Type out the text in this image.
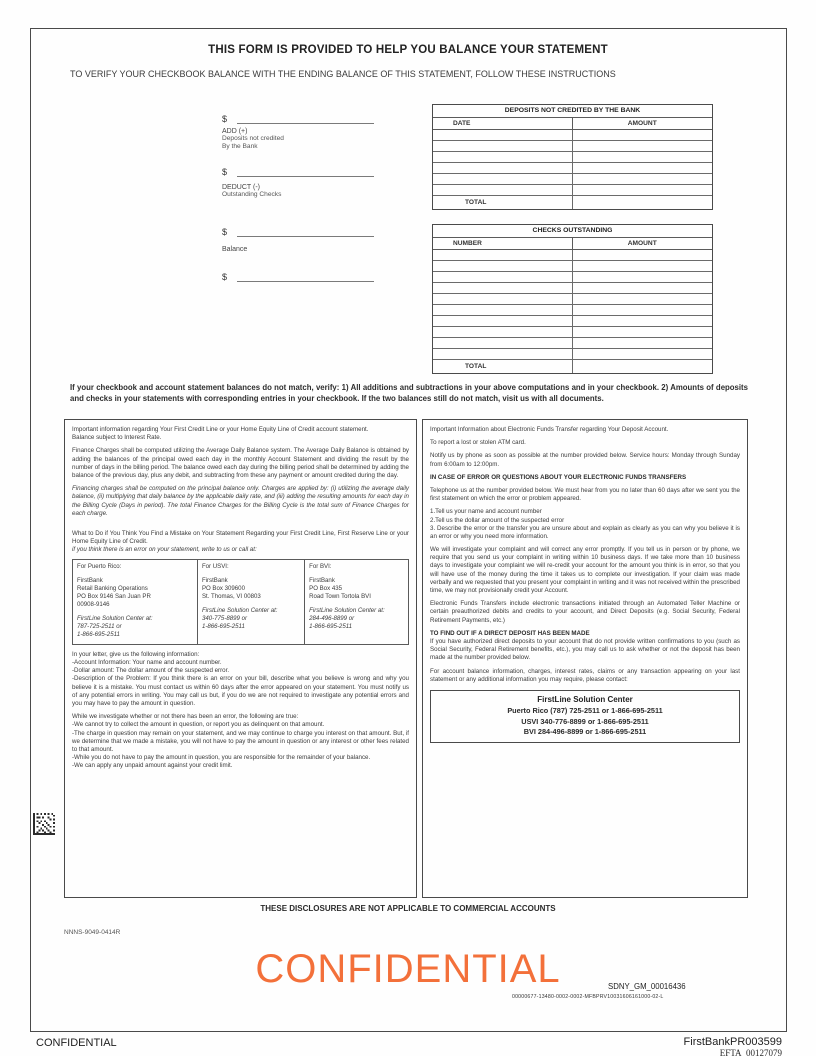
THIS FORM IS PROVIDED TO HELP YOU BALANCE YOUR STATEMENT
TO VERIFY YOUR CHECKBOOK BALANCE WITH THE ENDING BALANCE OF THIS STATEMENT, FOLLOW THESE INSTRUCTIONS
$
ADD (+)
Deposits not credited
By the Bank
$
DEDUCT (-)
Outstanding Checks
$
Balance
$
DEPOSITS NOT CREDITED BY THE BANK
DATE	AMOUNT
TOTAL
CHECKS OUTSTANDING
NUMBER	AMOUNT
TOTAL

If your checkbook and account statement balances do not match, verify: 1) All additions and subtractions in your above computations and in your checkbook. 2) Amounts of deposits and checks in your statements with corresponding entries in your checkbook. If the two balances still do not match, visit us with all documents.

Important information regarding Your First Credit Line or your Home Equity Line of Credit account statement.

Balance subject to Interest Rate.

Finance Charges shall be computed utilizing the Average Daily Balance system. The Average Daily Balance is obtained by adding the balances of the principal owed each day in the monthly Account Statement and dividing the result by the number of days in the billing period. The balance owed each day during the billing period shall be determined by adding the balance of the previous day, plus any debit, and subtracting from these any payment or amount credited during the day.

Financing charges shall be computed on the principal balance only. Charges are applied by: (i) utilizing the average daily balance, (ii) multiplying that daily balance by the applicable daily rate, and (iii) adding the resulting amounts for each day in the Billing Cycle (Days in period). The total Finance Charges for the Billing Cycle is the total sum of Finance Charges for each charge.

What to Do if You Think You Find a Mistake on Your Statement Regarding your First Credit Line, First Reserve Line or your Home Equity Line of Credit.

if you think there is an error on your statement, write to us or call at:

For Puerto Rico:
FirstBank
Retail Banking Operations
PO Box 9146 San Juan PR
00908-9146
FirstLine Solution Center at:
787-725-2511 or
1-866-695-2511
For USVI:
FirstBank
PO Box 309600
St. Thomas, VI 00803
FirstLine Solution Center at:
340-775-8899 or
1-866-695-2511
For BVI:
FirstBank
PO Box 435
Road Town Tortola BVI
FirstLine Solution Center at:
284-496-8899 or
1-866-695-2511

In your letter, give us the following information:

-Account Information: Your name and account number.

-Dollar amount: The dollar amount of the suspected error.

-Description of the Problem: If you think there is an error on your bill, describe what you believe is wrong and why you believe it is a mistake. You must contact us within 60 days after the error appeared on your statement. You must notify us of any potential errors in writing. You may call us but, if you do we are not required to investigate any potential errors and you may have to pay the amount in question.

While we investigate whether or not there has been an error, the following are true:

-We cannot try to collect the amount in question, or report you as delinquent on that amount.

-The charge in question may remain on your statement, and we may continue to charge you interest on that amount. But, if we determine that we made a mistake, you will not have to pay the amount in question or any interest or other fees related to that amount.

-While you do not have to pay the amount in question, you are responsible for the remainder of your balance.

-We can apply any unpaid amount against your credit limit.

Important Information about Electronic Funds Transfer regarding Your Deposit Account.

To report a lost or stolen ATM card.

Notify us by phone as soon as possible at the number provided below. Service hours: Monday through Sunday from 6:00am to 12:00pm.

IN CASE OF ERROR OR QUESTIONS ABOUT YOUR ELECTRONIC FUNDS TRANSFERS

Telephone us at the number provided below. We must hear from you no later than 60 days after we sent you the first statement on which the error or problem appeared.

1.Tell us your name and account number

2.Tell us the dollar amount of the suspected error

3. Describe the error or the transfer you are unsure about and explain as clearly as you can why you believe it is an error or why you need more information.

We will investigate your complaint and will correct any error promptly. If you tell us in person or by phone, we require that you send us your complaint in writing within 10 business days. If we take more than 10 business days to investigate your complaint we will re-credit your account for the amount you think is in error, so that you will have use of the money during the time it takes us to complete our investigation. If your claim was made verbally and we requested that you present your complaint in writing and it was not received within the prescribed time, we may not provisionally credit your Account.

Electronic Funds Transfers include electronic transactions initiated through an Automated Teller Machine or certain preauthorized debits and credits to your account, and Direct Deposits (e.g. Social Security, Federal Retirement Payments, etc.)

TO FIND OUT IF A DIRECT DEPOSIT HAS BEEN MADE

If you have authorized direct deposits to your account that do not provide written confirmations to you (such as Social Security, Federal Retirement benefits, etc.), you may call us to ask whether or not the deposit has been made at the number provided below.

For account balance information, charges, interest rates, claims or any transaction appearing on your last statement or any additional information you may require, please contact:

FirstLine Solution Center
Puerto Rico (787) 725-2511 or 1-866-695-2511
USVI 340-776-8899 or 1-866-695-2511
BVI 284-496-8899 or 1-866-695-2511
THESE DISCLOSURES ARE NOT APPLICABLE TO COMMERCIAL ACCOUNTS
NNNS-9049-0414R
CONFIDENTIAL	SDNY_GM_00016436
00000677-13480-0002-0002-MFBPRV10031606161000-02-L
CONFIDENTIAL	FirstBankPR003599
EFTA_00127079
